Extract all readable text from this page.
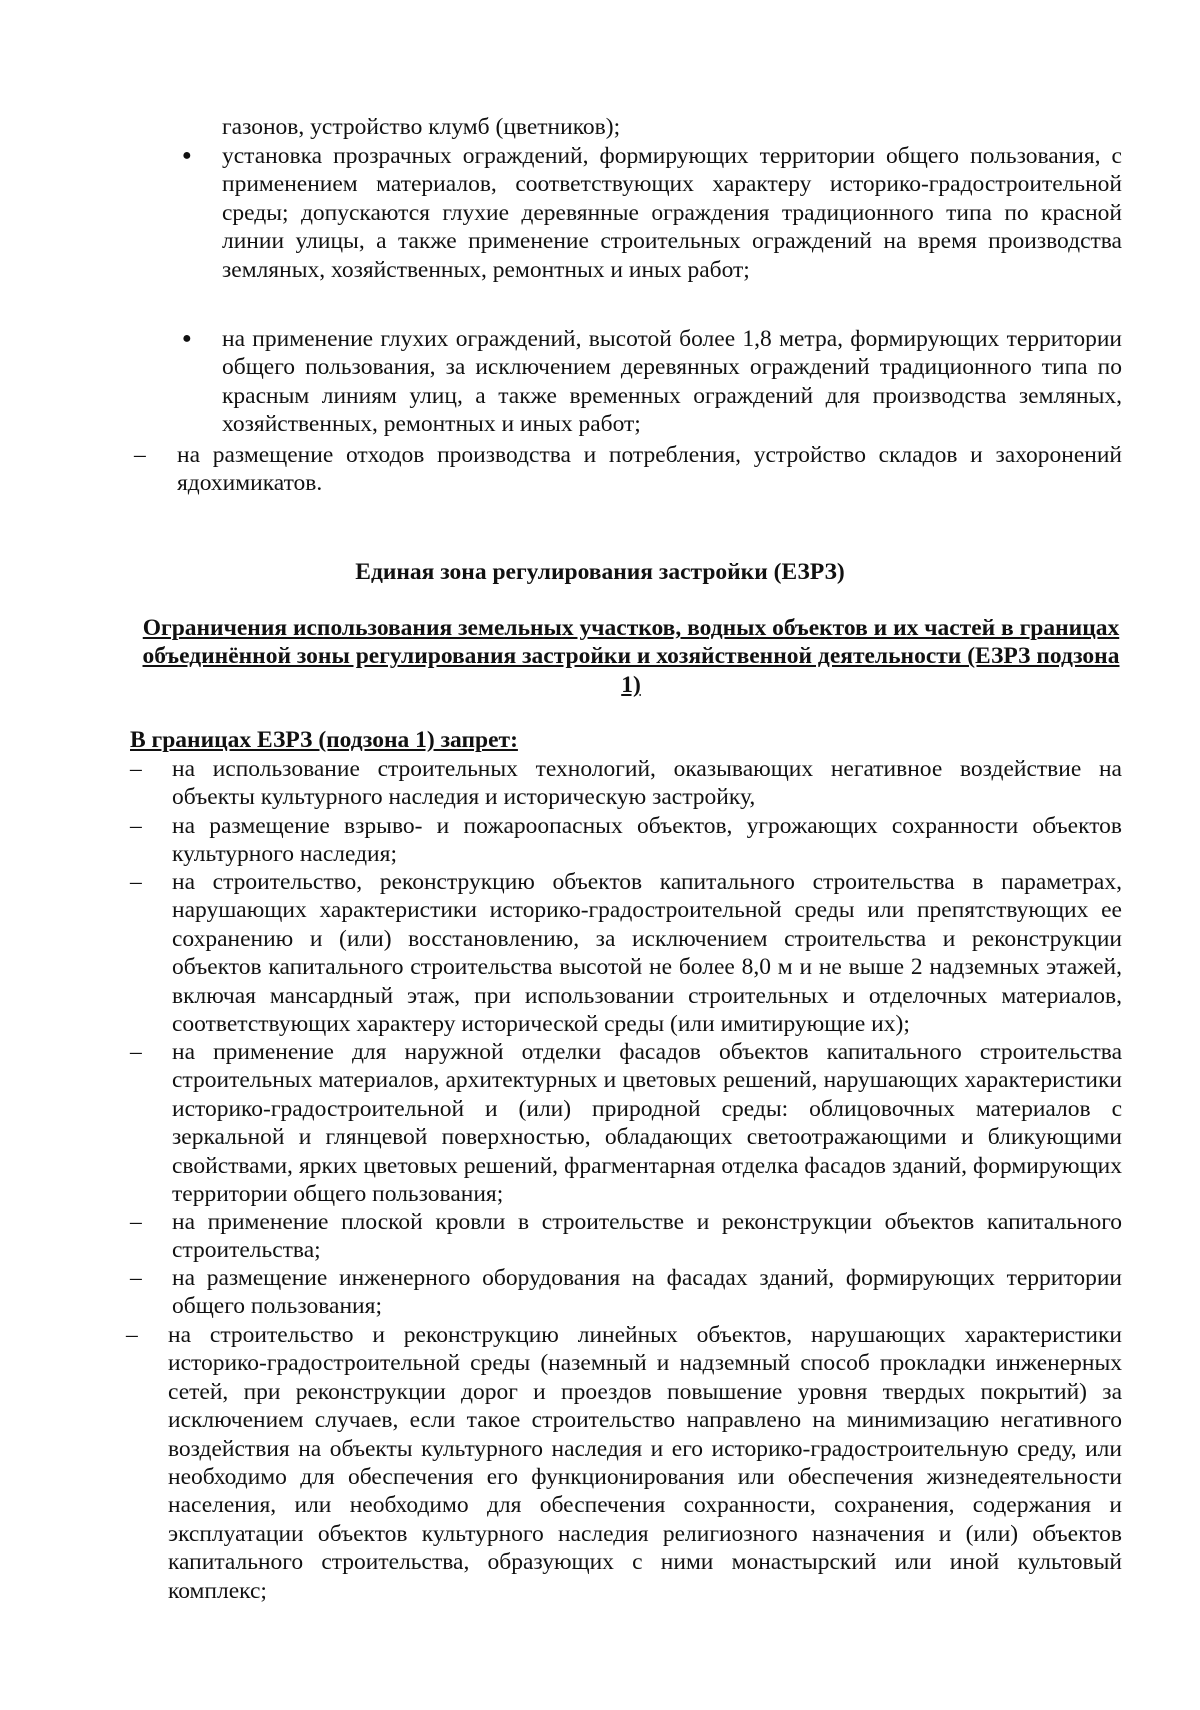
газонов, устройство клумб (цветников);
● установка прозрачных ограждений, формирующих территории общего пользования, с применением материалов, соответствующих характеру историко-градостроительной среды; допускаются глухие деревянные ограждения традиционного типа по красной линии улицы, а также применение строительных ограждений на время производства земляных, хозяйственных, ремонтных и иных работ;
● на применение глухих ограждений, высотой более 1,8 метра, формирующих территории общего пользования, за исключением деревянных ограждений традиционного типа по красным линиям улиц, а также временных ограждений для производства земляных, хозяйственных, ремонтных и иных работ;
– на размещение отходов производства и потребления, устройство складов и захоронений ядохимикатов.
Единая зона регулирования застройки (ЕЗРЗ)
Ограничения использования земельных участков, водных объектов и их частей в границах объединённой зоны регулирования застройки и хозяйственной деятельности (ЕЗРЗ подзона 1)
В границах ЕЗРЗ (подзона 1) запрет:
– на использование строительных технологий, оказывающих негативное воздействие на объекты культурного наследия и историческую застройку,
– на размещение взрыво- и пожароопасных объектов, угрожающих сохранности объектов культурного наследия;
– на строительство, реконструкцию объектов капитального строительства в параметрах, нарушающих характеристики историко-градостроительной среды или препятствующих ее сохранению и (или) восстановлению, за исключением строительства и реконструкции объектов капитального строительства высотой не более 8,0 м и не выше 2 надземных этажей, включая мансардный этаж, при использовании строительных и отделочных материалов, соответствующих характеру исторической среды (или имитирующие их);
– на применение для наружной отделки фасадов объектов капитального строительства строительных материалов, архитектурных и цветовых решений, нарушающих характеристики историко-градостроительной и (или) природной среды: облицовочных материалов с зеркальной и глянцевой поверхностью, обладающих светоотражающими и бликующими свойствами, ярких цветовых решений, фрагментарная отделка фасадов зданий, формирующих территории общего пользования;
– на применение плоской кровли в строительстве и реконструкции объектов капитального строительства;
– на размещение инженерного оборудования на фасадах зданий, формирующих территории общего пользования;
– на строительство и реконструкцию линейных объектов, нарушающих характеристики историко-градостроительной среды (наземный и надземный способ прокладки инженерных сетей, при реконструкции дорог и проездов повышение уровня твердых покрытий) за исключением случаев, если такое строительство направлено на минимизацию негативного воздействия на объекты культурного наследия и его историко-градостроительную среду, или необходимо для обеспечения его функционирования или обеспечения жизнедеятельности населения, или необходимо для обеспечения сохранности, сохранения, содержания и эксплуатации объектов культурного наследия религиозного назначения и (или) объектов капитального строительства, образующих с ними монастырский или иной культовый комплекс;
